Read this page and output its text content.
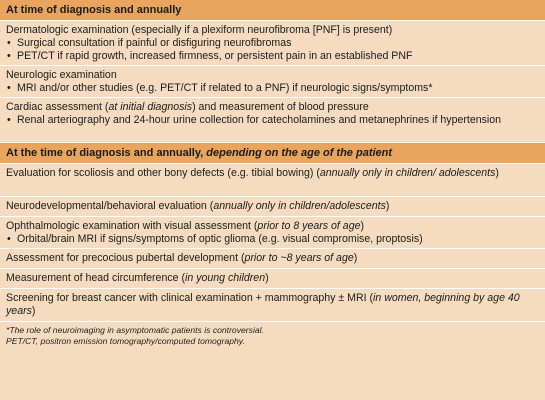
At time of diagnosis and annually
Dermatologic examination (especially if a plexiform neurofibroma [PNF] is present)
• Surgical consultation if painful or disfiguring neurofibromas
• PET/CT if rapid growth, increased firmness, or persistent pain in an established PNF
Neurologic examination
• MRI and/or other studies (e.g. PET/CT if related to a PNF) if neurologic signs/symptoms*
Cardiac assessment (at initial diagnosis) and measurement of blood pressure
• Renal arteriography and 24-hour urine collection for catecholamines and metanephrines if hypertension
At the time of diagnosis and annually, depending on the age of the patient
Evaluation for scoliosis and other bony defects (e.g. tibial bowing) (annually only in children/ adolescents)
Neurodevelopmental/behavioral evaluation (annually only in children/adolescents)
Ophthalmologic examination with visual assessment (prior to 8 years of age)
• Orbital/brain MRI if signs/symptoms of optic glioma (e.g. visual compromise, proptosis)
Assessment for precocious pubertal development (prior to ~8 years of age)
Measurement of head circumference (in young children)
Screening for breast cancer with clinical examination + mammography ± MRI (in women, beginning by age 40 years)
*The role of neuroimaging in asymptomatic patients is controversial.
PET/CT, positron emission tomography/computed tomography.
